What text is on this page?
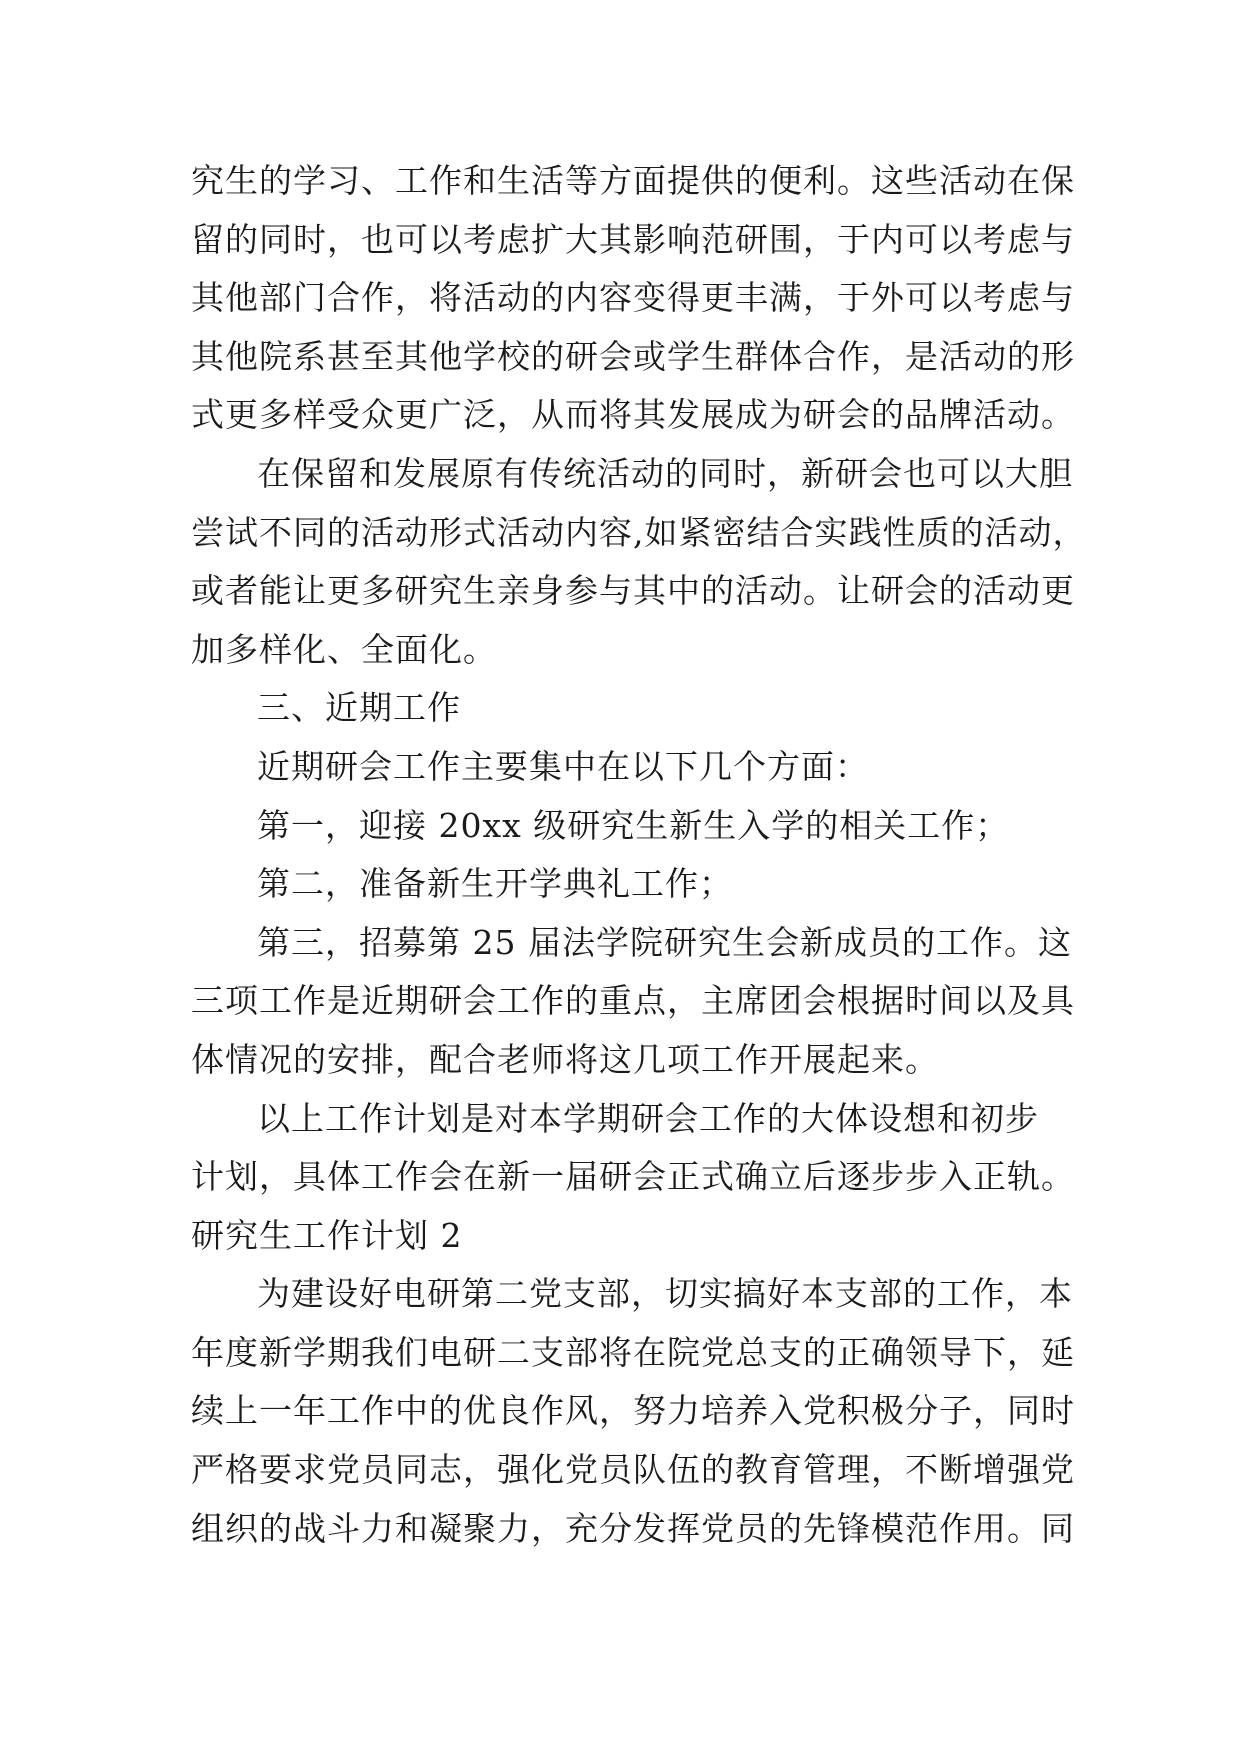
究生的学习、工作和生活等方面提供的便利。这些活动在保
留的同时，也可以考虑扩大其影响范研围，于内可以考虑与
其他部门合作，将活动的内容变得更丰满，于外可以考虑与
其他院系甚至其他学校的研会或学生群体合作，是活动的形
式更多样受众更广泛，从而将其发展成为研会的品牌活动。
在保留和发展原有传统活动的同时，新研会也可以大胆
尝试不同的活动形式活动内容,如紧密结合实践性质的活动，
或者能让更多研究生亲身参与其中的活动。让研会的活动更
加多样化、全面化。
三、近期工作
近期研会工作主要集中在以下几个方面：
第一，迎接 20xx 级研究生新生入学的相关工作；
第二，准备新生开学典礼工作；
第三，招募第 25 届法学院研究生会新成员的工作。这
三项工作是近期研会工作的重点，主席团会根据时间以及具
体情况的安排，配合老师将这几项工作开展起来。
以上工作计划是对本学期研会工作的大体设想和初步
计划，具体工作会在新一届研会正式确立后逐步步入正轨。
研究生工作计划 2
为建设好电研第二党支部，切实搞好本支部的工作，本
年度新学期我们电研二支部将在院党总支的正确领导下，延
续上一年工作中的优良作风，努力培养入党积极分子，同时
严格要求党员同志，强化党员队伍的教育管理，不断增强党
组织的战斗力和凝聚力，充分发挥党员的先锋模范作用。同
